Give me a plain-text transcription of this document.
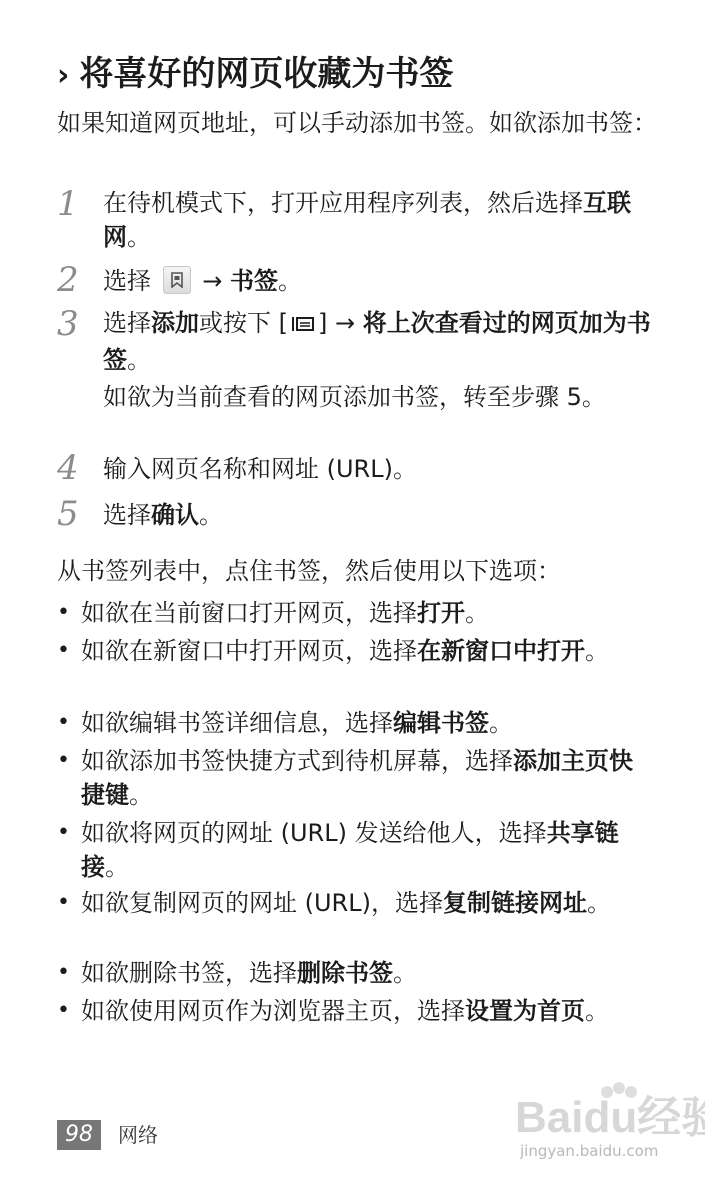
› 将喜好的网页收藏为书签
如果知道网页地址，可以手动添加书签。如欲添加书签：
1 在待机模式下，打开应用程序列表，然后选择互联网。
2 选择 → 书签。
3 选择添加或按下 [ ] → 将上次查看过的网页加为书签。
如欲为当前查看的网页添加书签，转至步骤 5。
4 输入网页名称和网址 (URL)。
5 选择确认。
从书签列表中，点住书签，然后使用以下选项：
• 如欲在当前窗口打开网页，选择打开。
• 如欲在新窗口中打开网页，选择在新窗口中打开。
• 如欲编辑书签详细信息，选择编辑书签。
• 如欲添加书签快捷方式到待机屏幕，选择添加主页快捷键。
• 如欲将网页的网址 (URL) 发送给他人，选择共享链接。
• 如欲复制网页的网址 (URL)，选择复制链接网址。
• 如欲删除书签，选择删除书签。
• 如欲使用网页作为浏览器主页，选择设置为首页。
98	网络	Baidu经验
jingyan.baidu.com
